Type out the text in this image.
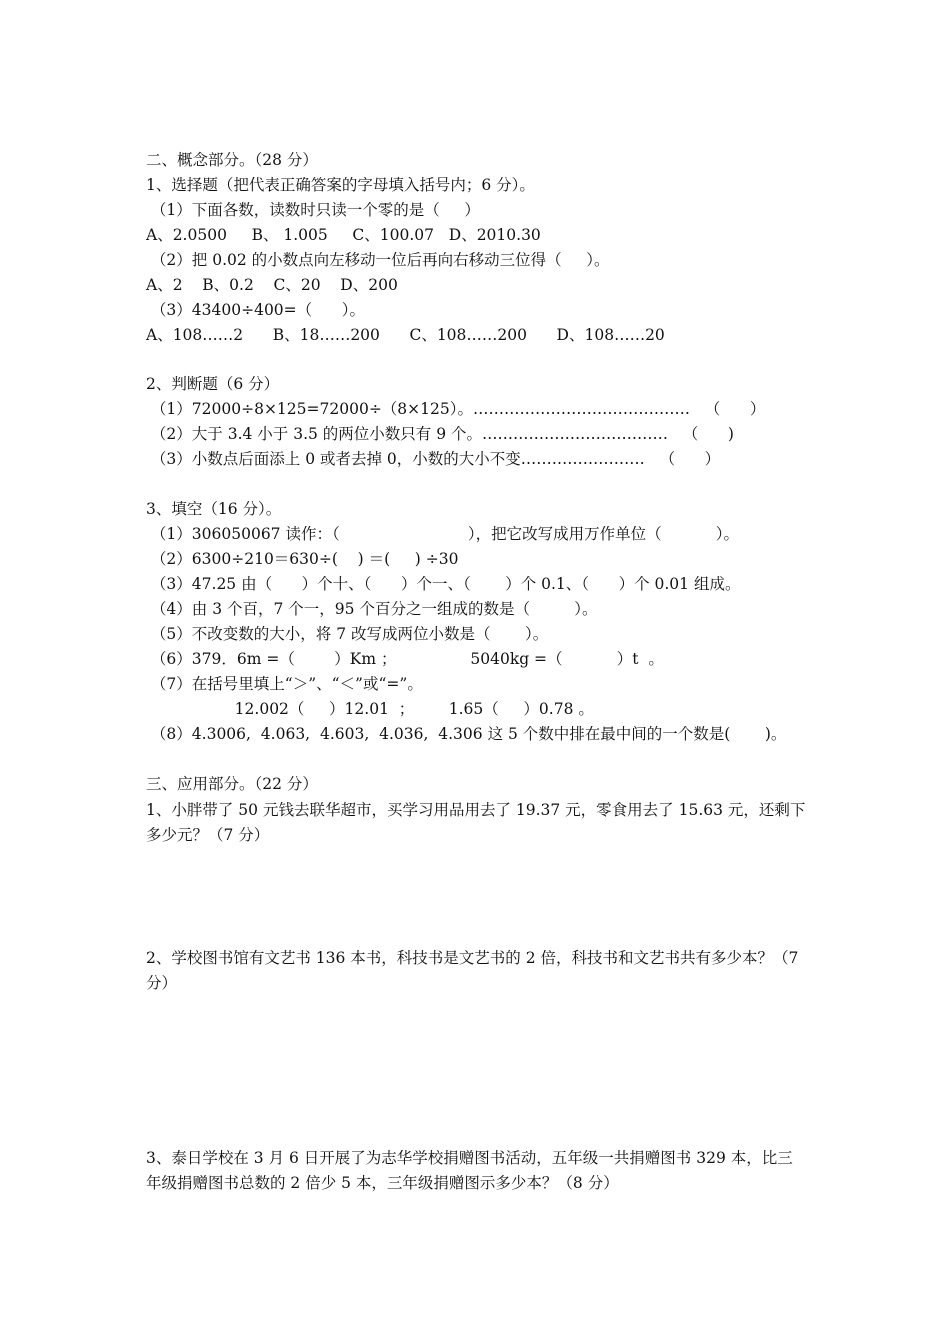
二、概念部分。（28 分）

1、选择题（把代表正确答案的字母填入括号内；6 分）。

（1）下面各数，读数时只读一个零的是（     ）

A、2.0500     B、 1.005     C、100.07   D、2010.30

（2）把 0.02 的小数点向左移动一位后再向右移动三位得（     ）。

A、2    B、0.2    C、20    D、200

（3）43400÷400=（      ）。

A、108……2      B、18……200      C、108……200      D、108……20

2、判断题（6 分）

（1）72000÷8×125=72000÷（8×125）。……………………………………   （      ）

（2）大于 3.4 小于 3.5 的两位小数只有 9 个。………………………………   （      )

（3）小数点后面添上 0 或者去掉 0，小数的大小不变……………………   （      ）

3、填空（16 分）。

（1）306050067 读作：（                          ），把它改写成用万作单位（           ）。

（2）6300÷210＝630÷(    ) ＝(     ) ÷30

（3）47.25 由（      ）个十、（      ）个一、（       ）个 0.1、（      ）个 0.01 组成。

（4）由 3 个百，7 个一，95 个百分之一组成的数是（         ）。

（5）不改变数的大小，将 7 改写成两位小数是（       ）。

（6）379．6m =（        ）Km ；               5040kg =（           ）t  。

（7）在括号里填上“＞”、“＜”或“=”。

12.002（     ）12.01  ；       1.65（     ）0.78 。

（8）4.3006,  4.063,  4.603,  4.036,  4.306 这 5 个数中排在最中间的一个数是(       )。

三、应用部分。（22 分）

1、小胖带了 50 元钱去联华超市，买学习用品用去了 19.37 元，零食用去了 15.63 元，还剩下多少元？（7 分）

2、学校图书馆有文艺书 136 本书，科技书是文艺书的 2 倍，科技书和文艺书共有多少本？（7 分）

3、泰日学校在 3 月 6 日开展了为志华学校捐赠图书活动，五年级一共捐赠图书 329 本，比三年级捐赠图书总数的 2 倍少 5 本，三年级捐赠图示多少本？（8 分）
